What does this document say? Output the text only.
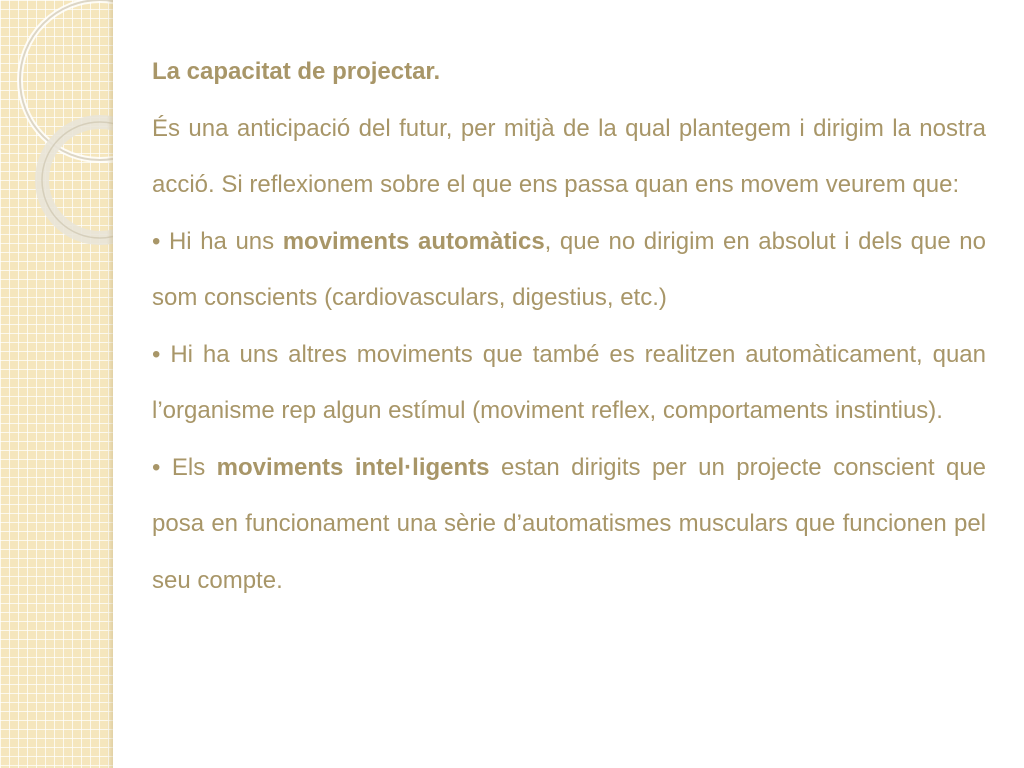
La capacitat de projectar.

És una anticipació del futur, per mitjà de la qual plantegem i dirigim la nostra acció. Si reflexionem sobre el que ens passa quan ens movem veurem que:

• Hi ha uns moviments automàtics, que no dirigim en absolut i dels que no som conscients (cardiovasculars, digestius, etc.)

• Hi ha uns altres moviments que també es realitzen automàticament, quan l’organisme rep algun estímul (moviment reflex, comportaments instintius).

• Els moviments intel·ligents estan dirigits per un projecte conscient que posa en funcionament una sèrie d’automatismes musculars que funcionen pel seu compte.
